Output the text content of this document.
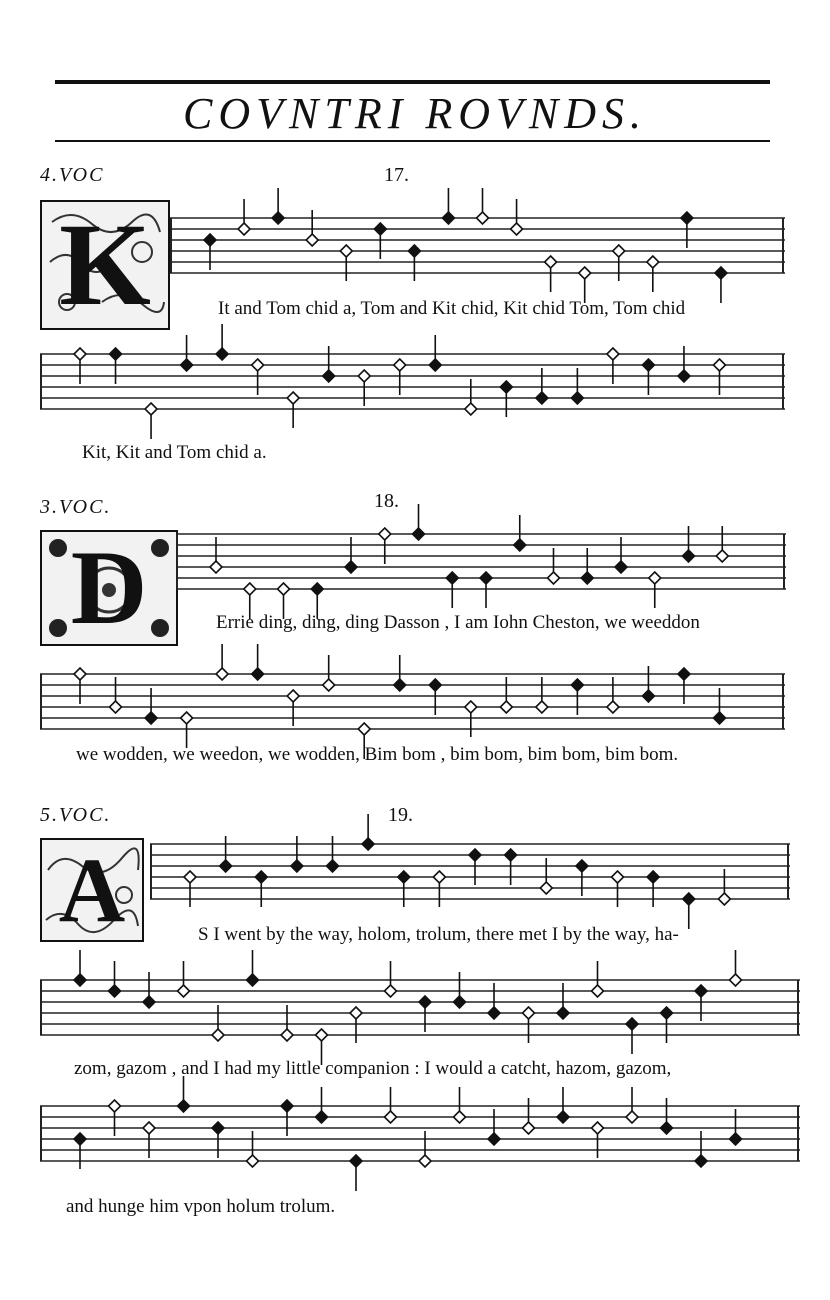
COVNTRI ROVNDS.
4.VOC	17.
K	It and Tom chid a, Tom and Kit chid, Kit chid Tom, Tom chid
Kit, Kit and Tom chid a.
3.VOC.	18.
D	Errie ding, ding, ding Dasson , I am Iohn Cheston, we weeddon
we wodden, we weedon, we wodden, Bim bom , bim bom, bim bom, bim bom.
5.VOC.	19.
A	S I went by the way, holom, trolum, there met I by the way, ha-
zom, gazom , and I had my little companion : I would a catcht, hazom, gazom,
and hunge him vpon holum trolum.
